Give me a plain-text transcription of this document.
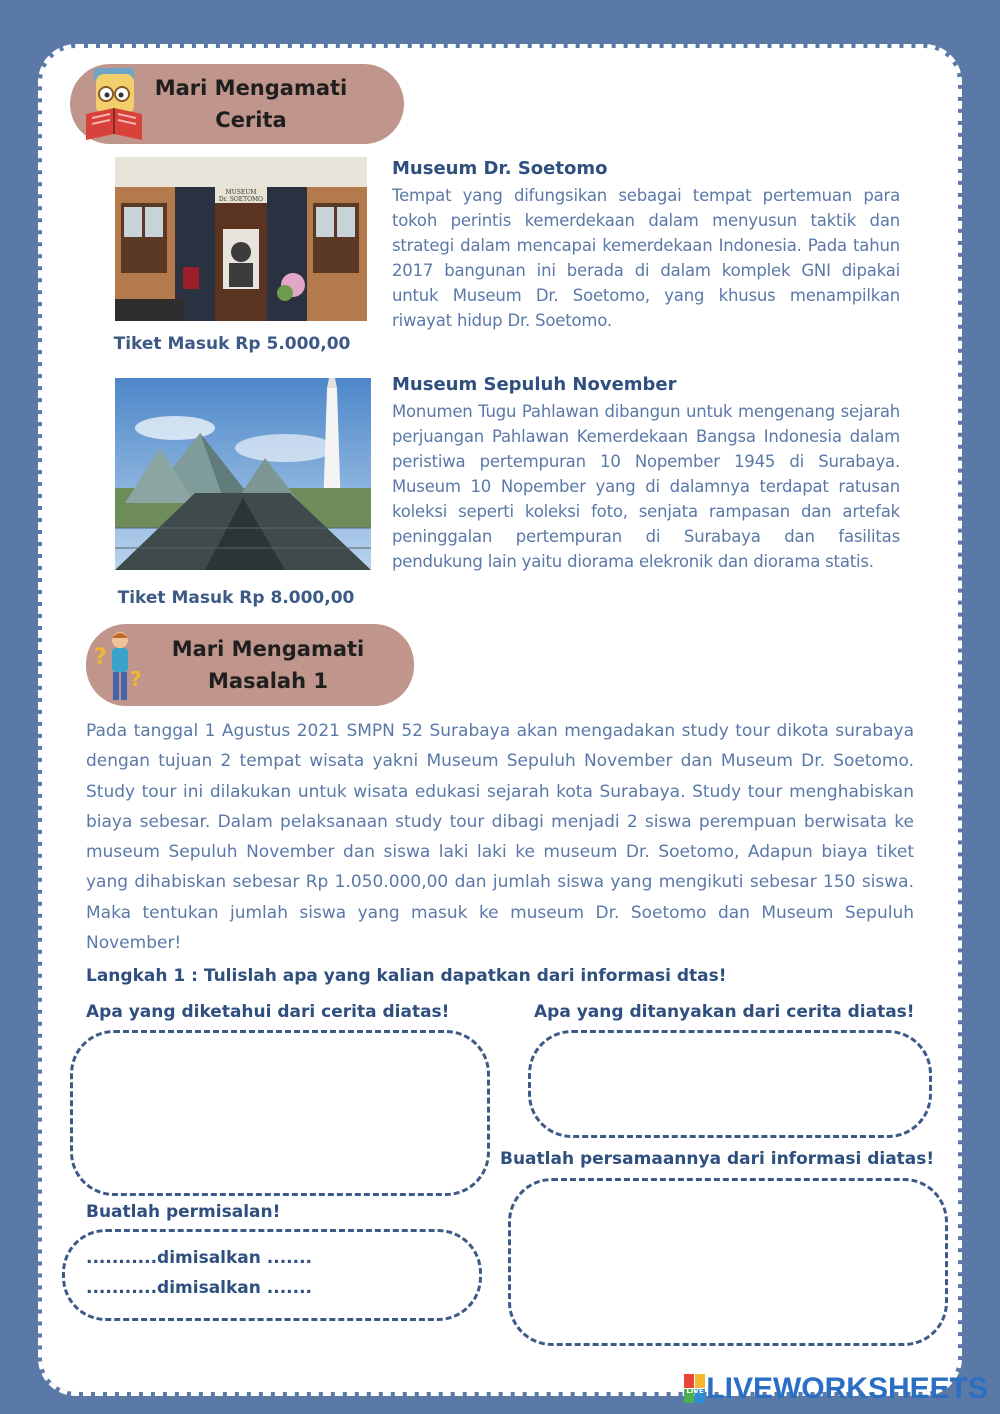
Mari Mengamati
Cerita
MUSEUM
Dr. SOETOMO
Tiket Masuk Rp 5.000,00
Museum Dr. Soetomo
Tempat yang difungsikan sebagai tempat pertemuan para tokoh perintis kemerdekaan dalam menyusun taktik dan strategi dalam mencapai kemerdekaan Indonesia. Pada tahun 2017 bangunan ini berada di dalam komplek GNI dipakai untuk Museum Dr. Soetomo, yang khusus menampilkan riwayat hidup Dr. Soetomo.
Tiket Masuk Rp 8.000,00
Museum Sepuluh November
Monumen Tugu Pahlawan dibangun untuk mengenang sejarah perjuangan Pahlawan Kemerdekaan Bangsa Indonesia dalam peristiwa pertempuran 10 Nopember 1945 di Surabaya. Museum 10 Nopember yang di dalamnya terdapat ratusan koleksi seperti koleksi foto, senjata rampasan dan artefak peninggalan pertempuran di Surabaya dan fasilitas pendukung lain yaitu diorama elekronik dan diorama statis.
Mari Mengamati
Masalah 1
?
?
Pada tanggal 1 Agustus 2021 SMPN 52 Surabaya akan mengadakan study tour dikota surabaya dengan tujuan 2 tempat wisata yakni Museum Sepuluh November dan Museum Dr. Soetomo. Study tour ini dilakukan untuk wisata edukasi sejarah kota Surabaya. Study tour menghabiskan biaya sebesar. Dalam pelaksanaan study tour dibagi menjadi 2 siswa perempuan berwisata ke museum Sepuluh November dan siswa laki laki ke museum Dr. Soetomo, Adapun biaya tiket yang dihabiskan sebesar Rp 1.050.000,00 dan jumlah siswa yang mengikuti sebesar 150 siswa. Maka tentukan jumlah siswa yang masuk ke museum Dr. Soetomo dan Museum Sepuluh November!
Langkah 1 : Tulislah apa yang kalian dapatkan dari informasi dtas!
Apa yang diketahui dari cerita diatas!	Apa yang ditanyakan dari cerita diatas!
Buatlah persamaannya dari informasi diatas!
Buatlah permisalan!
...........dimisalkan .......
...........dimisalkan .......
LIVE LIVEWORKSHEETS
